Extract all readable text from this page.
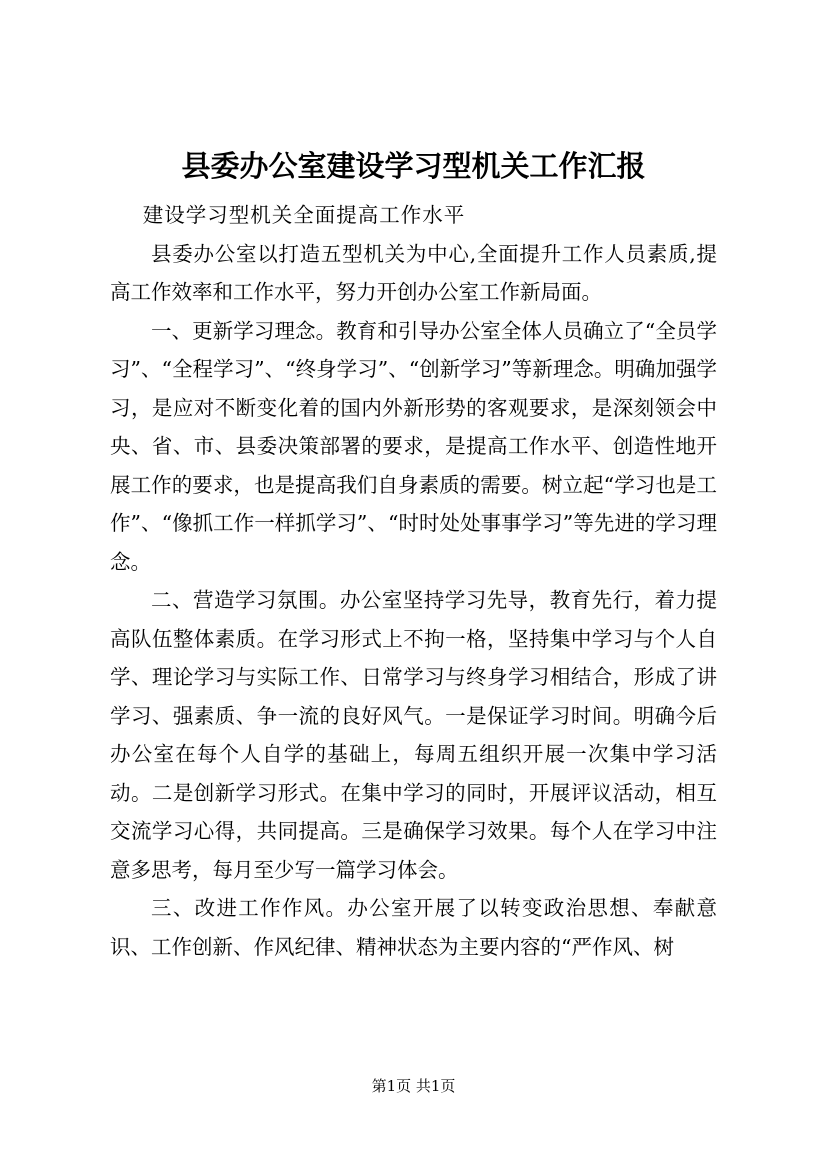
县委办公室建设学习型机关工作汇报

建设学习型机关全面提高工作水平

县委办公室以打造五型机关为中心,全面提升工作人员素质,提高工作效率和工作水平，努力开创办公室工作新局面。

一、更新学习理念。教育和引导办公室全体人员确立了“全员学习”、“全程学习”、“终身学习”、“创新学习”等新理念。明确加强学习，是应对不断变化着的国内外新形势的客观要求，是深刻领会中央、省、市、县委决策部署的要求，是提高工作水平、创造性地开展工作的要求，也是提高我们自身素质的需要。树立起“学习也是工作”、“像抓工作一样抓学习”、“时时处处事事学习”等先进的学习理念。

二、营造学习氛围。办公室坚持学习先导，教育先行，着力提高队伍整体素质。在学习形式上不拘一格，坚持集中学习与个人自学、理论学习与实际工作、日常学习与终身学习相结合，形成了讲学习、强素质、争一流的良好风气。一是保证学习时间。明确今后办公室在每个人自学的基础上，每周五组织开展一次集中学习活动。二是创新学习形式。在集中学习的同时，开展评议活动，相互交流学习心得，共同提高。三是确保学习效果。每个人在学习中注意多思考，每月至少写一篇学习体会。

三、改进工作作风。办公室开展了以转变政治思想、奉献意识、工作创新、作风纪律、精神状态为主要内容的“严作风、树

第1页 共1页
